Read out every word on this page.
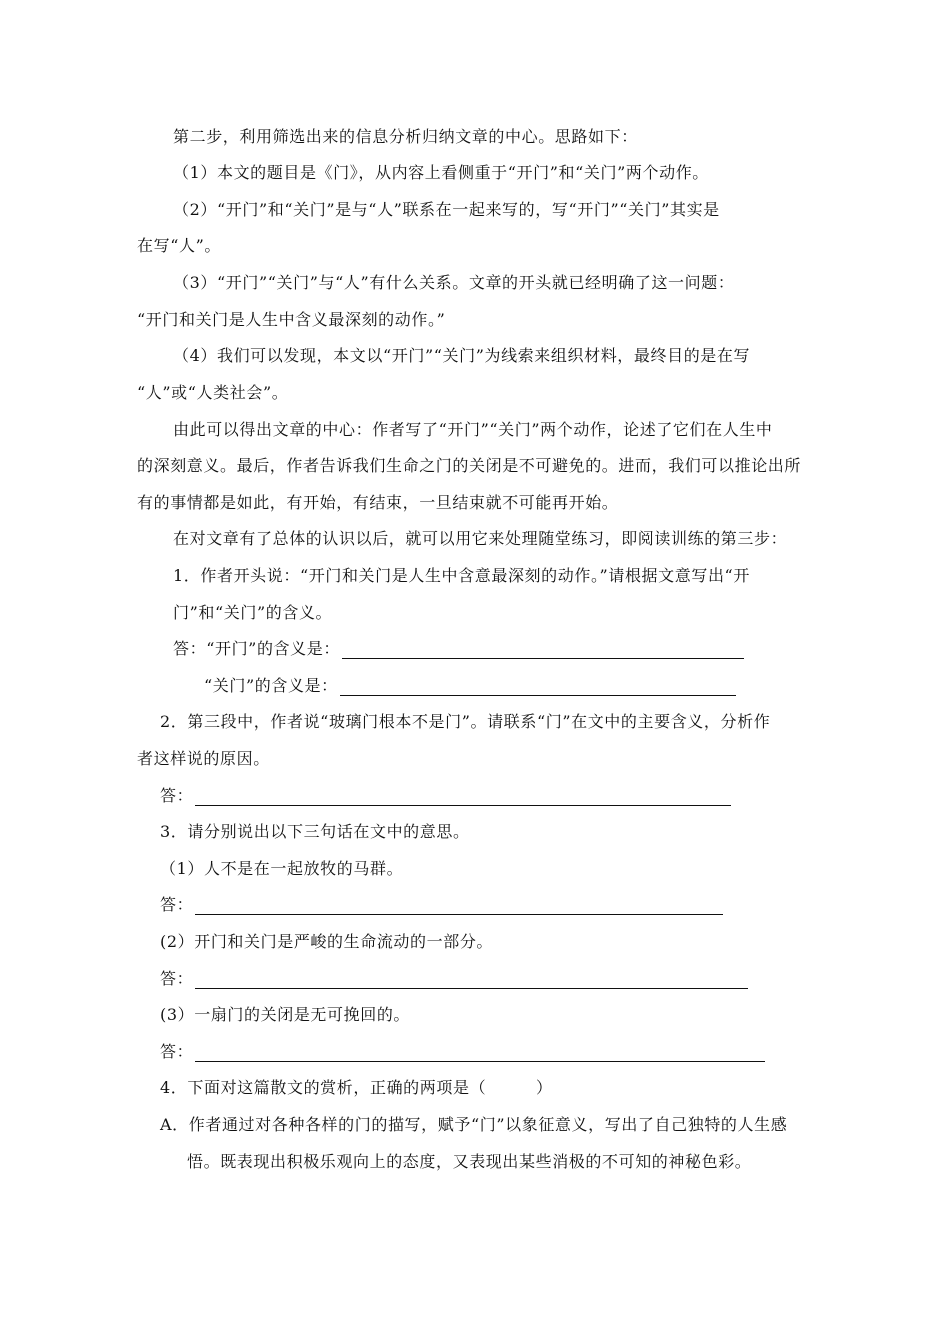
第二步，利用筛选出来的信息分析归纳文章的中心。思路如下：
（1）本文的题目是《门》，从内容上看侧重于“开门”和“关门”两个动作。
（2）“开门”和“关门”是与“人”联系在一起来写的，写“开门”“关门”其实是
在写“人”。
（3）“开门”“关门”与“人”有什么关系。文章的开头就已经明确了这一问题：
“开门和关门是人生中含义最深刻的动作。”
（4）我们可以发现，本文以“开门”“关门”为线索来组织材料，最终目的是在写
“人”或“人类社会”。
由此可以得出文章的中心：作者写了“开门”“关门”两个动作，论述了它们在人生中
的深刻意义。最后，作者告诉我们生命之门的关闭是不可避免的。进而，我们可以推论出所
有的事情都是如此，有开始，有结束，一旦结束就不可能再开始。
在对文章有了总体的认识以后，就可以用它来处理随堂练习，即阅读训练的第三步：
1．作者开头说：“开门和关门是人生中含意最深刻的动作。”请根据文意写出“开
门”和“关门”的含义。
答：“开门”的含义是：
“关门”的含义是：
2．第三段中，作者说“玻璃门根本不是门”。请联系“门”在文中的主要含义，分析作
者这样说的原因。
答：
3．请分别说出以下三句话在文中的意思。
（1）人不是在一起放牧的马群。
答：
(2）开门和关门是严峻的生命流动的一部分。
答：
(3）一扇门的关闭是无可挽回的。
答：
4．下面对这篇散文的赏析，正确的两项是（　　　）
A．作者通过对各种各样的门的描写，赋予“门”以象征意义，写出了自己独特的人生感
悟。既表现出积极乐观向上的态度，又表现出某些消极的不可知的神秘色彩。
